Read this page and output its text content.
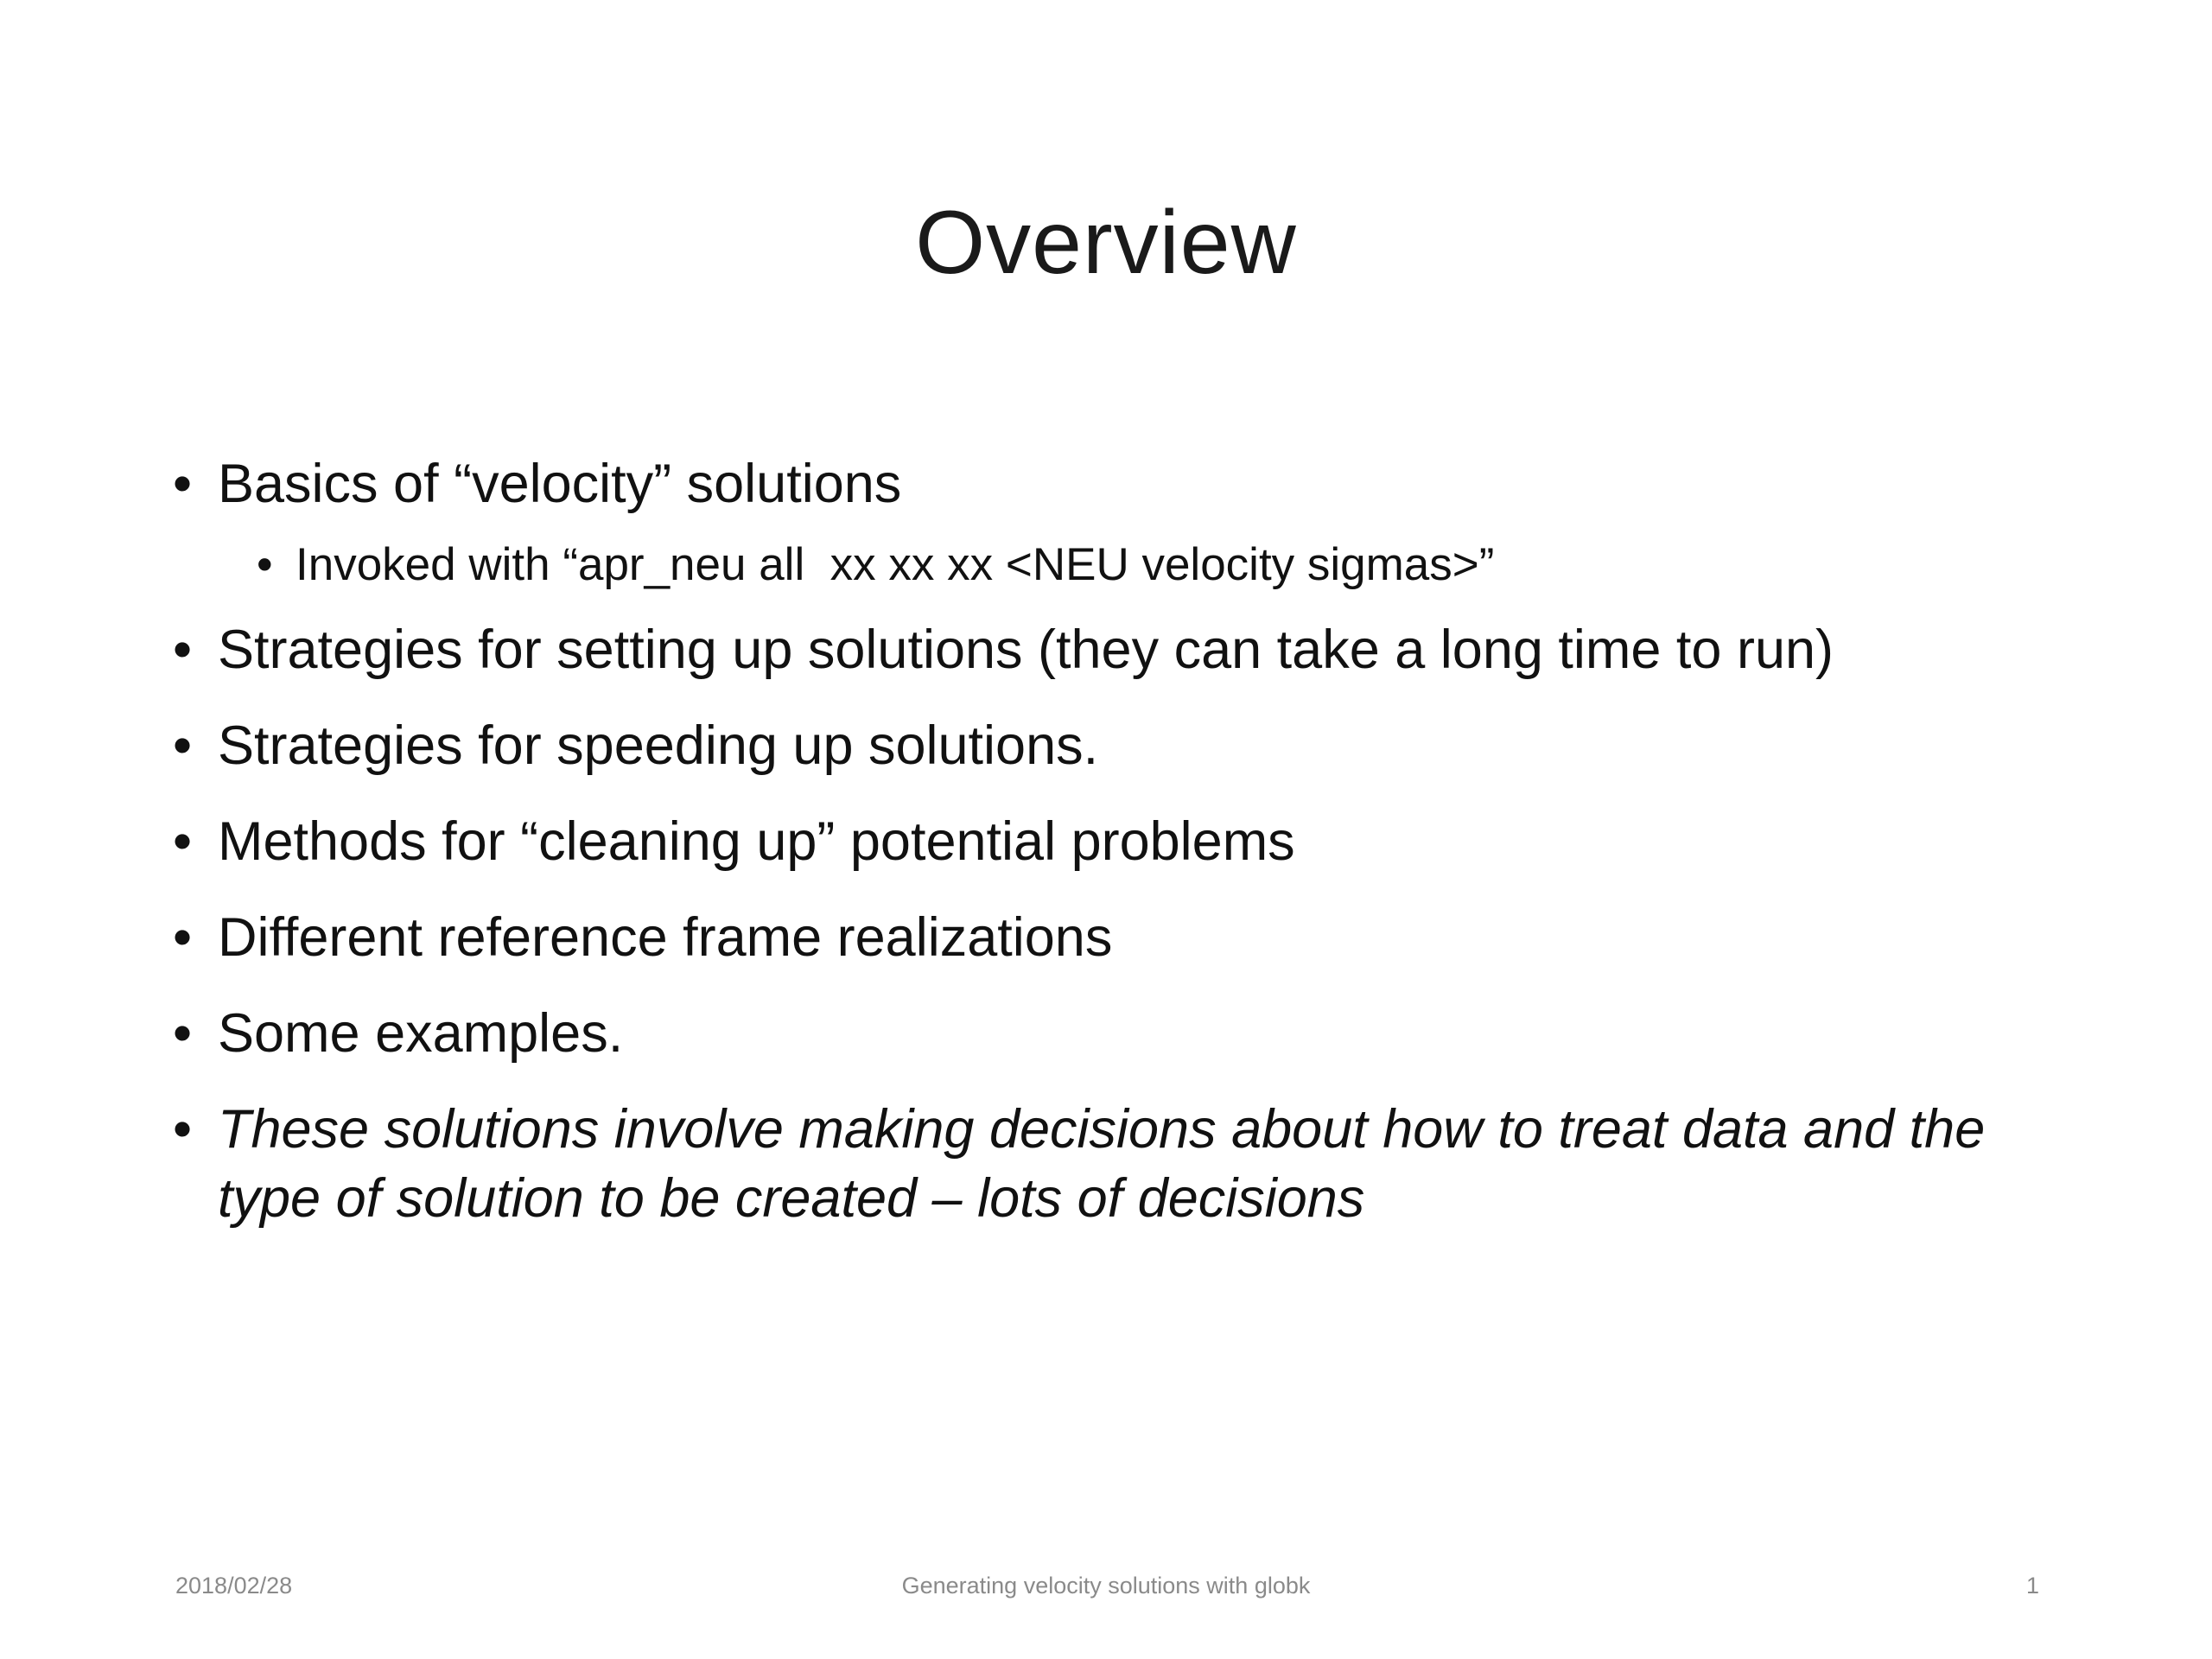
Overview
• Basics of “velocity” solutions
• Invoked with “apr_neu all  xx xx xx <NEU velocity sigmas>”
• Strategies for setting up solutions (they can take a long time to run)
• Strategies for speeding up solutions.
• Methods for “cleaning up” potential problems
• Different reference frame realizations
• Some examples.
• These solutions involve making decisions about how to treat data and the type of solution to be created – lots of decisions
2018/02/28	Generating velocity solutions with globk	1
